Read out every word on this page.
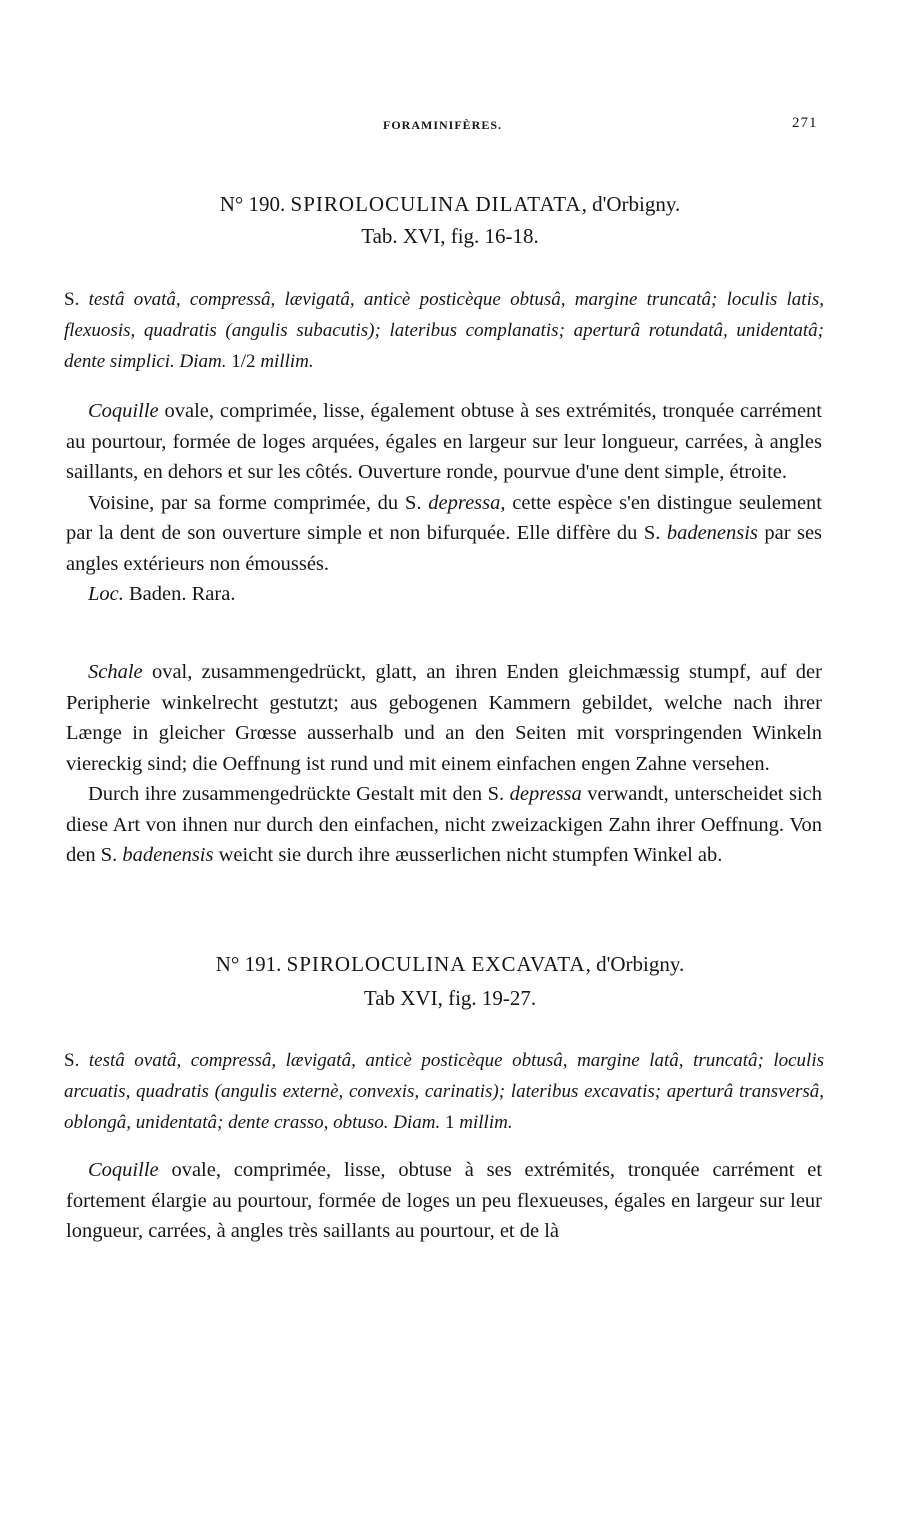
FORAMINIFÈRES.	271
N° 190. SPIROLOCULINA DILATATA, d'Orbigny.
Tab. XVI, fig. 16-18.
S. testâ ovatâ, compressâ, lævigatâ, anticè posticèque obtusâ, margine truncatâ; loculis latis, flexuosis, quadratis (angulis subacutis); lateribus complanatis; aperturâ rotundatâ, unidentatâ; dente simplici. Diam. 1/2 millim.

Coquille ovale, comprimée, lisse, également obtuse à ses extrémités, tronquée carrément au pourtour, formée de loges arquées, égales en largeur sur leur longueur, carrées, à angles saillants, en dehors et sur les côtés. Ouverture ronde, pourvue d'une dent simple, étroite.

Voisine, par sa forme comprimée, du S. depressa, cette espèce s'en distingue seulement par la dent de son ouverture simple et non bifurquée. Elle diffère du S. badenensis par ses angles extérieurs non émoussés.

Loc. Baden. Rara.

Schale oval, zusammengedrückt, glatt, an ihren Enden gleichmæssig stumpf, auf der Peripherie winkelrecht gestutzt; aus gebogenen Kammern gebildet, welche nach ihrer Længe in gleicher Grœsse ausserhalb und an den Seiten mit vorspringenden Winkeln viereckig sind; die Oeffnung ist rund und mit einem einfachen engen Zahne versehen.

Durch ihre zusammengedrückte Gestalt mit den S. depressa verwandt, unterscheidet sich diese Art von ihnen nur durch den einfachen, nicht zweizackigen Zahn ihrer Oeffnung. Von den S. badenensis weicht sie durch ihre æusserlichen nicht stumpfen Winkel ab.

N° 191. SPIROLOCULINA EXCAVATA, d'Orbigny.
Tab XVI, fig. 19-27.
S. testâ ovatâ, compressâ, lævigatâ, anticè posticèque obtusâ, margine latâ, truncatâ; loculis arcuatis, quadratis (angulis externè, convexis, carinatis); lateribus excavatis; aperturâ transversâ, oblongâ, unidentatâ; dente crasso, obtuso. Diam. 1 millim.

Coquille ovale, comprimée, lisse, obtuse à ses extrémités, tronquée carrément et fortement élargie au pourtour, formée de loges un peu flexueuses, égales en largeur sur leur longueur, carrées, à angles très saillants au pourtour, et de là
